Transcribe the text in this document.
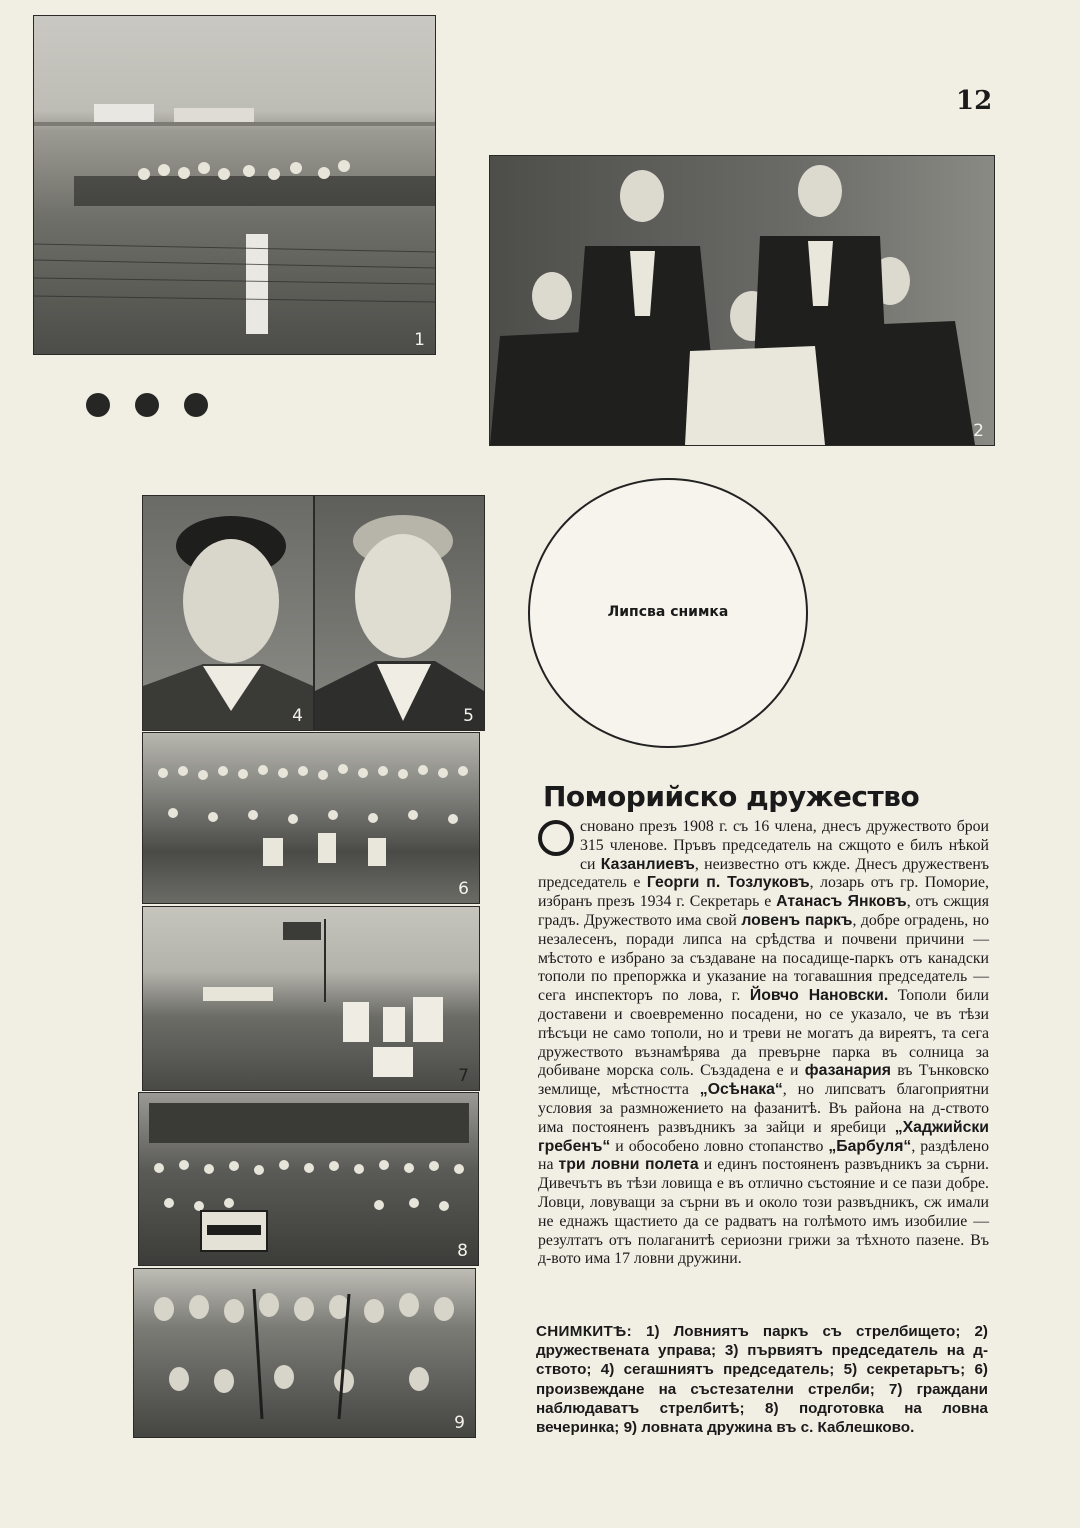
12
1
2
4	5
6
7
8
9
Липсва снимка
Поморийско дружество
сновано презъ 1908 г. съ 16 члена, днесъ дружеството брои 315 членове. Пръвъ председатель на сжщото е билъ нѣкой си Казанлиевъ, неизвестно отъ кжде. Днесъ дружественъ председатель е Георги п. Тозлуковъ, лозарь отъ гр. Поморие, избранъ презъ 1934 г. Секретарь е Атанасъ Янковъ, отъ сжщия градъ. Дружеството има свой ловенъ паркъ, добре оградень, но незалесенъ, поради липса на срѣдства и почвени причини — мѣстото е избрано за създаване на посадище-паркъ отъ канадски тополи по препоржка и указание на тогавашния председатель — сега инспекторъ по лова, г. Йовчо Нановски. Тополи били доставени и своевременно посадени, но се указало, че въ тѣзи пѣсъци не само тополи, но и треви не могатъ да виреятъ, та сега дружеството възнамѣрява да превърне парка въ солница за добиване морска соль. Създадена е и фазанария въ Тънковско землище, мѣстността „Осѣнака“, но липсватъ благоприятни условия за размножението на фазанитѣ. Въ района на д-ството има постояненъ развъдникъ за зайци и яребици „Хаджийски гребенъ“ и обособено ловно стопанство „Барбуля“, раздѣлено на три ловни полета и единъ постояненъ развъдникъ за сърни. Дивечътъ въ тѣзи ловища е въ отлично състояние и се пази добре. Ловци, ловуващи за сърни въ и около този развъдникъ, сж имали не еднажъ щастието да се радватъ на голѣмото имъ изобилие — резултатъ отъ полаганитѣ сериозни грижи за тѣхното пазене. Въ д-вото има 17 ловни дружини.
СНИМКИТѢ: 1) Ловниятъ паркъ съ стрелбището; 2) дружествената управа; 3) първиятъ председатель на д-ството; 4) сегашниятъ председатель; 5) секретарьтъ; 6) произвеждане на състезателни стрелби; 7) граждани наблюдаватъ стрелбитѣ; 8) подготовка на ловна вечеринка; 9) ловната дружина въ с. Каблешково.
